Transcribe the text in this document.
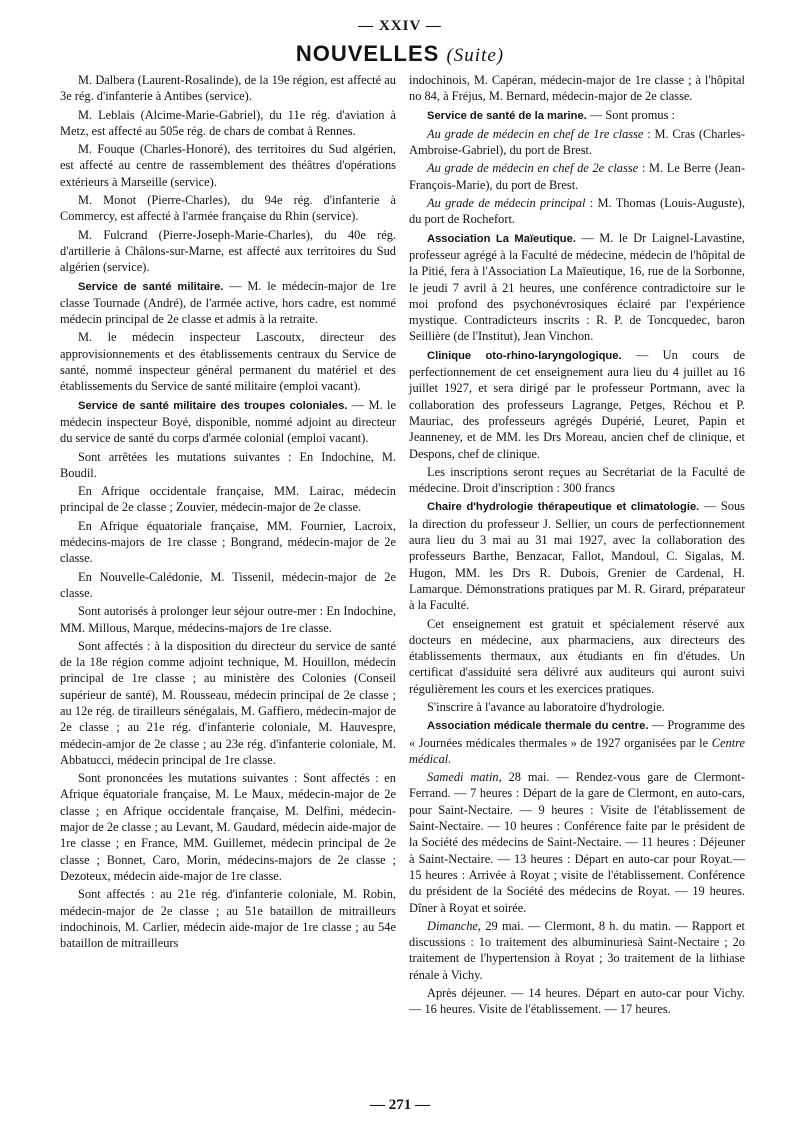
— XXIV —
NOUVELLES (Suite)

M. Dalbera (Laurent-Rosalinde), de la 19e région, est affecté au 3e rég. d'infanterie à Antibes (service).

M. Leblais (Alcime-Marie-Gabriel), du 11e rég. d'aviation à Metz, est affecté au 505e rég. de chars de combat à Rennes.

M. Fouque (Charles-Honoré), des territoires du Sud algérien, est affecté au centre de rassemblement des théâtres d'opérations extérieurs à Marseille (service).

M. Monot (Pierre-Charles), du 94e rég. d'infanterie à Commercy, est affecté à l'armée française du Rhin (service).

M. Fulcrand (Pierre-Joseph-Marie-Charles), du 40e rég. d'artillerie à Châlons-sur-Marne, est affecté aux territoires du Sud algérien (service).

Service de santé militaire. — M. le médecin-major de 1re classe Tournade (André), de l'armée active, hors cadre, est nommé médecin principal de 2e classe et admis à la retraite.

M. le médecin inspecteur Lascoutx, directeur des approvisionnements et des établissements centraux du Service de santé, nommé inspecteur général permanent du matériel et des établissements du Service de santé militaire (emploi vacant).

Service de santé militaire des troupes coloniales. — M. le médecin inspecteur Boyé, disponible, nommé adjoint au directeur du service de santé du corps d'armée colonial (emploi vacant).

Sont arrêtées les mutations suivantes : En Indochine, M. Boudil.

En Afrique occidentale française, MM. Lairac, médecin principal de 2e classe ; Zouvier, médecin-major de 2e classe.

En Afrique équatoriale française, MM. Fournier, Lacroix, médecins-majors de 1re classe ; Bongrand, médecin-major de 2e classe.

En Nouvelle-Calédonie, M. Tissenil, médecin-major de 2e classe.

Sont autorisés à prolonger leur séjour outre-mer : En Indochine, MM. Millous, Marque, médecins-majors de 1re classe.

Sont affectés : à la disposition du directeur du service de santé de la 18e région comme adjoint technique, M. Houillon, médecin principal de 1re classe ; au ministère des Colonies (Conseil supérieur de santé), M. Rousseau, médecin principal de 2e classe ; au 12e rég. de tirailleurs sénégalais, M. Gaffiero, médecin-major de 2e classe ; au 21e rég. d'infanterie coloniale, M. Hauvespre, médecin-amjor de 2e classe ; au 23e rég. d'infanterie coloniale, M. Abbatucci, médecin principal de 1re classe.

Sont prononcées les mutations suivantes : Sont affectés : en Afrique équatoriale française, M. Le Maux, médecin-major de 2e classe ; en Afrique occidentale française, M. Delfini, médecin-major de 2e classe ; au Levant, M. Gaudard, médecin aide-major de 1re classe ; en France, MM. Guillemet, médecin principal de 2e classe ; Bonnet, Caro, Morin, médecins-majors de 2e classe ; Dezoteux, médecin aide-major de 1re classe.

Sont affectés : au 21e rég. d'infanterie coloniale, M. Robin, médecin-major de 2e classe ; au 51e bataillon de mitrailleurs indochinois, M. Carlier, médecin aide-major de 1re classe ; au 54e bataillon de mitrailleurs

indochinois, M. Capéran, médecin-major de 1re classe ; à l'hôpital no 84, à Fréjus, M. Bernard, médecin-major de 2e classe.

Service de santé de la marine. — Sont promus :

Au grade de médecin en chef de 1re classe : M. Cras (Charles-Ambroise-Gabriel), du port de Brest.

Au grade de médecin en chef de 2e classe : M. Le Berre (Jean-François-Marie), du port de Brest.

Au grade de médecin principal : M. Thomas (Louis-Auguste), du port de Rochefort.

Association La Maïeutique. — M. le Dr Laignel-Lavastine, professeur agrégé à la Faculté de médecine, médecin de l'hôpital de la Pitié, fera à l'Association La Maïeutique, 16, rue de la Sorbonne, le jeudi 7 avril à 21 heures, une conférence contradictoire sur le moi profond des psychonévrosiques éclairé par l'expérience mystique. Contradicteurs inscrits : R. P. de Toncquedec, baron Seillière (de l'Institut), Jean Vinchon.

Clinique oto-rhino-laryngologique. — Un cours de perfectionnement de cet enseignement aura lieu du 4 juillet au 16 juillet 1927, et sera dirigé par le professeur Portmann, avec la collaboration des professeurs Lagrange, Petges, Réchou et P. Mauriac, des professeurs agrégés Dupérié, Leuret, Papin et Jeanneney, et de MM. les Drs Moreau, ancien chef de clinique, et Despons, chef de clinique.

Les inscriptions seront reçues au Secrétariat de la Faculté de médecine. Droit d'inscription : 300 francs

Chaire d'hydrologie thérapeutique et climatologie. — Sous la direction du professeur J. Sellier, un cours de perfectionnement aura lieu du 3 mai au 31 mai 1927, avec la collaboration des professeurs Barthe, Benzacar, Fallot, Mandoul, C. Sigalas, M. Hugon, MM. les Drs R. Dubois, Grenier de Cardenal, H. Lamarque. Démonstrations pratiques par M. R. Girard, préparateur à la Faculté.

Cet enseignement est gratuit et spécialement réservé aux docteurs en médecine, aux pharmaciens, aux directeurs des établissements thermaux, aux étudiants en fin d'études. Un certificat d'assiduité sera délivré aux auditeurs qui auront suivi régulièrement les cours et les exercices pratiques.

S'inscrire à l'avance au laboratoire d'hydrologie.

Association médicale thermale du centre. — Programme des « Journées médicales thermales » de 1927 organisées par le Centre médical.

Samedi matin, 28 mai. — Rendez-vous gare de Clermont-Ferrand. — 7 heures : Départ de la gare de Clermont, en auto-cars, pour Saint-Nectaire. — 9 heures : Visite de l'établissement de Saint-Nectaire. — 10 heures : Conférence faite par le président de la Société des médecins de Saint-Nectaire. — 11 heures : Déjeuner à Saint-Nectaire. — 13 heures : Départ en auto-car pour Royat.— 15 heures : Arrivée à Royat ; visite de l'établissement. Conférence du président de la Société des médecins de Royat. — 19 heures. Dîner à Royat et soirée.

Dimanche, 29 mai. — Clermont, 8 h. du matin. — Rapport et discussions : 1o traitement des albuminuriesà Saint-Nectaire ; 2o traitement de l'hypertension à Royat ; 3o traitement de la lithiase rénale à Vichy.

Après déjeuner. — 14 heures. Départ en auto-car pour Vichy. — 16 heures. Visite de l'établissement. — 17 heures.

— 271 —
